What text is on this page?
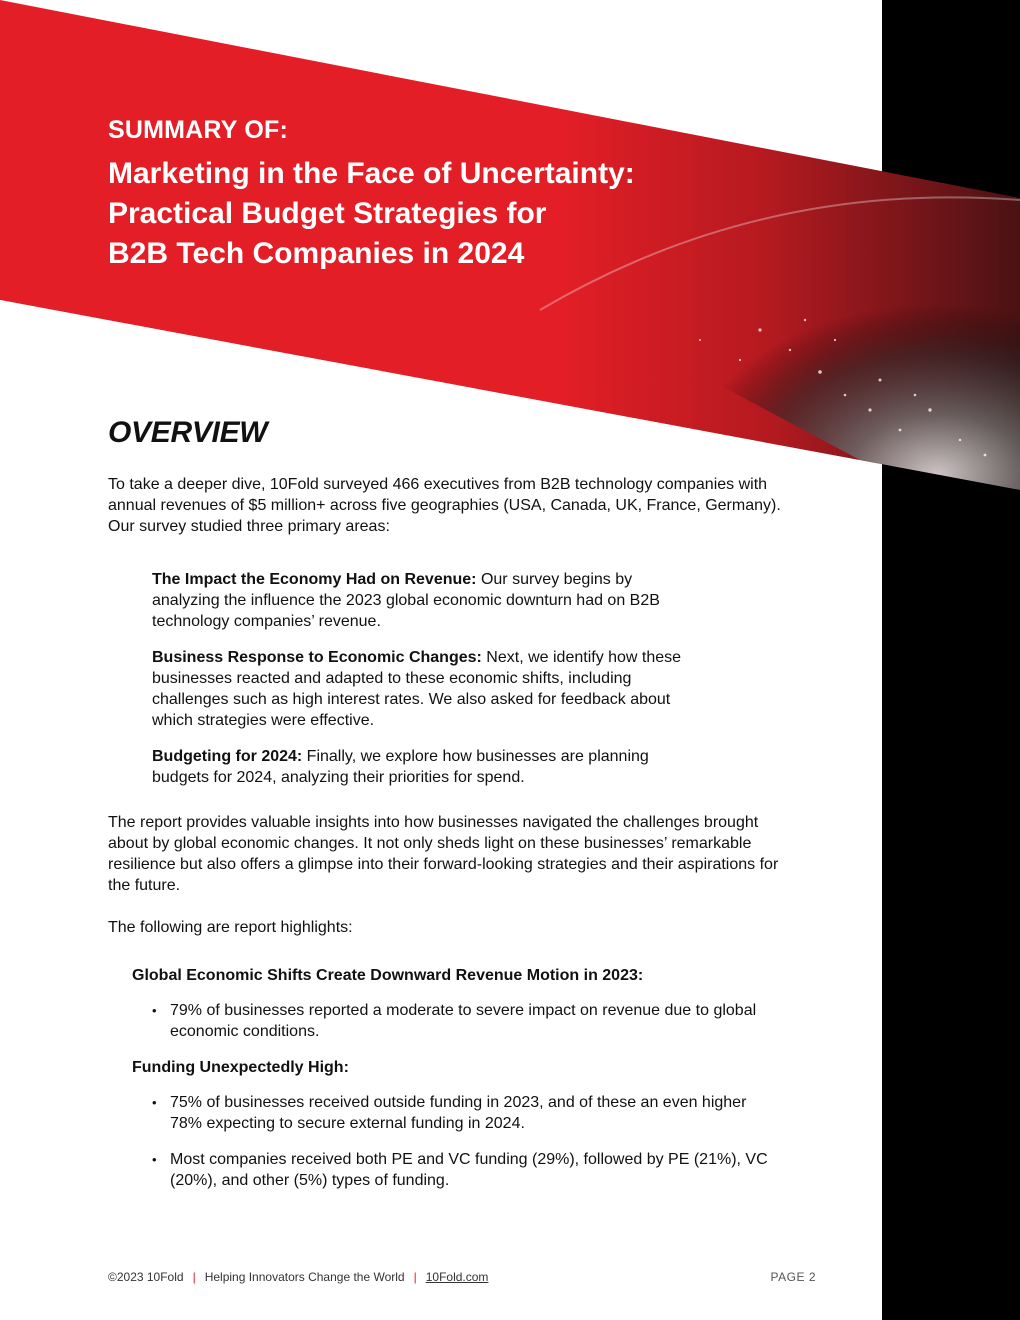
SUMMARY OF:
Marketing in the Face of Uncertainty:
Practical Budget Strategies for
B2B Tech Companies in 2024
OVERVIEW

To take a deeper dive, 10Fold surveyed 466 executives from B2B technology companies with annual revenues of $5 million+ across five geographies (USA, Canada, UK, France, Germany). Our survey studied three primary areas:

The Impact the Economy Had on Revenue: Our survey begins by analyzing the influence the 2023 global economic downturn had on B2B technology companies’ revenue.

Business Response to Economic Changes: Next, we identify how these businesses reacted and adapted to these economic shifts, including challenges such as high interest rates. We also asked for feedback about which strategies were effective.

Budgeting for 2024: Finally, we explore how businesses are planning budgets for 2024, analyzing their priorities for spend.

The report provides valuable insights into how businesses navigated the challenges brought about by global economic changes. It not only sheds light on these businesses’ remarkable resilience but also offers a glimpse into their forward-looking strategies and their aspirations for the future.

The following are report highlights:

Global Economic Shifts Create Downward Revenue Motion in 2023:

• 79% of businesses reported a moderate to severe impact on revenue due to global economic conditions.

Funding Unexpectedly High:

• 75% of businesses received outside funding in 2023, and of these an even higher 78% expecting to secure external funding in 2024.
• Most companies received both PE and VC funding (29%), followed by PE (21%), VC (20%), and other (5%) types of funding.
©2023 10Fold | Helping Innovators Change the World | 10Fold.com	PAGE 2
